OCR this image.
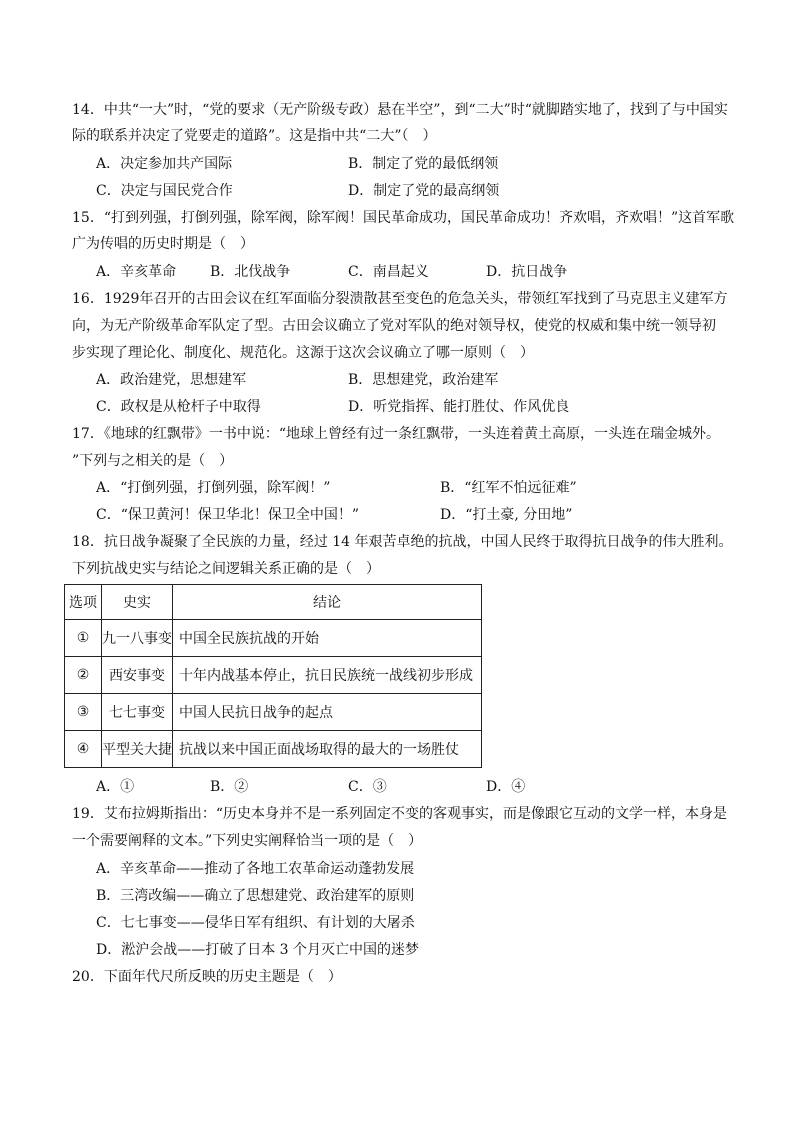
14．中共“一大”时，“党的要求（无产阶级专政）悬在半空”，到“二大”时“就脚踏实地了，找到了与中国实
际的联系并决定了党要走的道路”。这是指中共“二大”（　）
A．决定参加共产国际	B．制定了党的最低纲领
C．决定与国民党合作	D．制定了党的最高纲领
15．“打到列强，打倒列强，除军阀，除军阀！国民革命成功，国民革命成功！齐欢唱，齐欢唱！”这首军歌
广为传唱的历史时期是（　）
A．辛亥革命 B．北伐战争	C．南昌起义	D．抗日战争
16．1929年召开的古田会议在红军面临分裂溃散甚至变色的危急关头，带领红军找到了马克思主义建军方
向，为无产阶级革命军队定了型。古田会议确立了党对军队的绝对领导权，使党的权威和集中统一领导初
步实现了理论化、制度化、规范化。这源于这次会议确立了哪一原则（　）
A．政治建党，思想建军	B．思想建党，政治建军
C．政权是从枪杆子中取得	D．听党指挥、能打胜仗、作风优良
17．《地球的红飘带》一书中说：“地球上曾经有过一条红飘带，一头连着黄土高原，一头连在瑞金城外。
”下列与之相关的是（　）
A．“打倒列强，打倒列强，除军阀！”	B．“红军不怕远征难”
C．“保卫黄河！保卫华北！保卫全中国！”	D．“打土豪, 分田地”
18．抗日战争凝聚了全民族的力量，经过 14 年艰苦卓绝的抗战，中国人民终于取得抗日战争的伟大胜利。
下列抗战史实与结论之间逻辑关系正确的是（　）
选项	史实	结论
①	九一八事变	中国全民族抗战的开始
②	西安事变	十年内战基本停止，抗日民族统一战线初步形成
③	七七事变	中国人民抗日战争的起点
④	平型关大捷	抗战以来中国正面战场取得的最大的一场胜仗
A．①	B．②	C．③	D．④
19．艾布拉姆斯指出：“历史本身并不是一系列固定不变的客观事实，而是像跟它互动的文学一样，本身是
一个需要阐释的文本。”下列史实阐释恰当一项的是（　）
A．辛亥革命——推动了各地工农革命运动蓬勃发展
B．三湾改编——确立了思想建党、政治建军的原则
C．七七事变——侵华日军有组织、有计划的大屠杀
D．淞沪会战——打破了日本 3 个月灭亡中国的迷梦
20．下面年代尺所反映的历史主题是（　）
